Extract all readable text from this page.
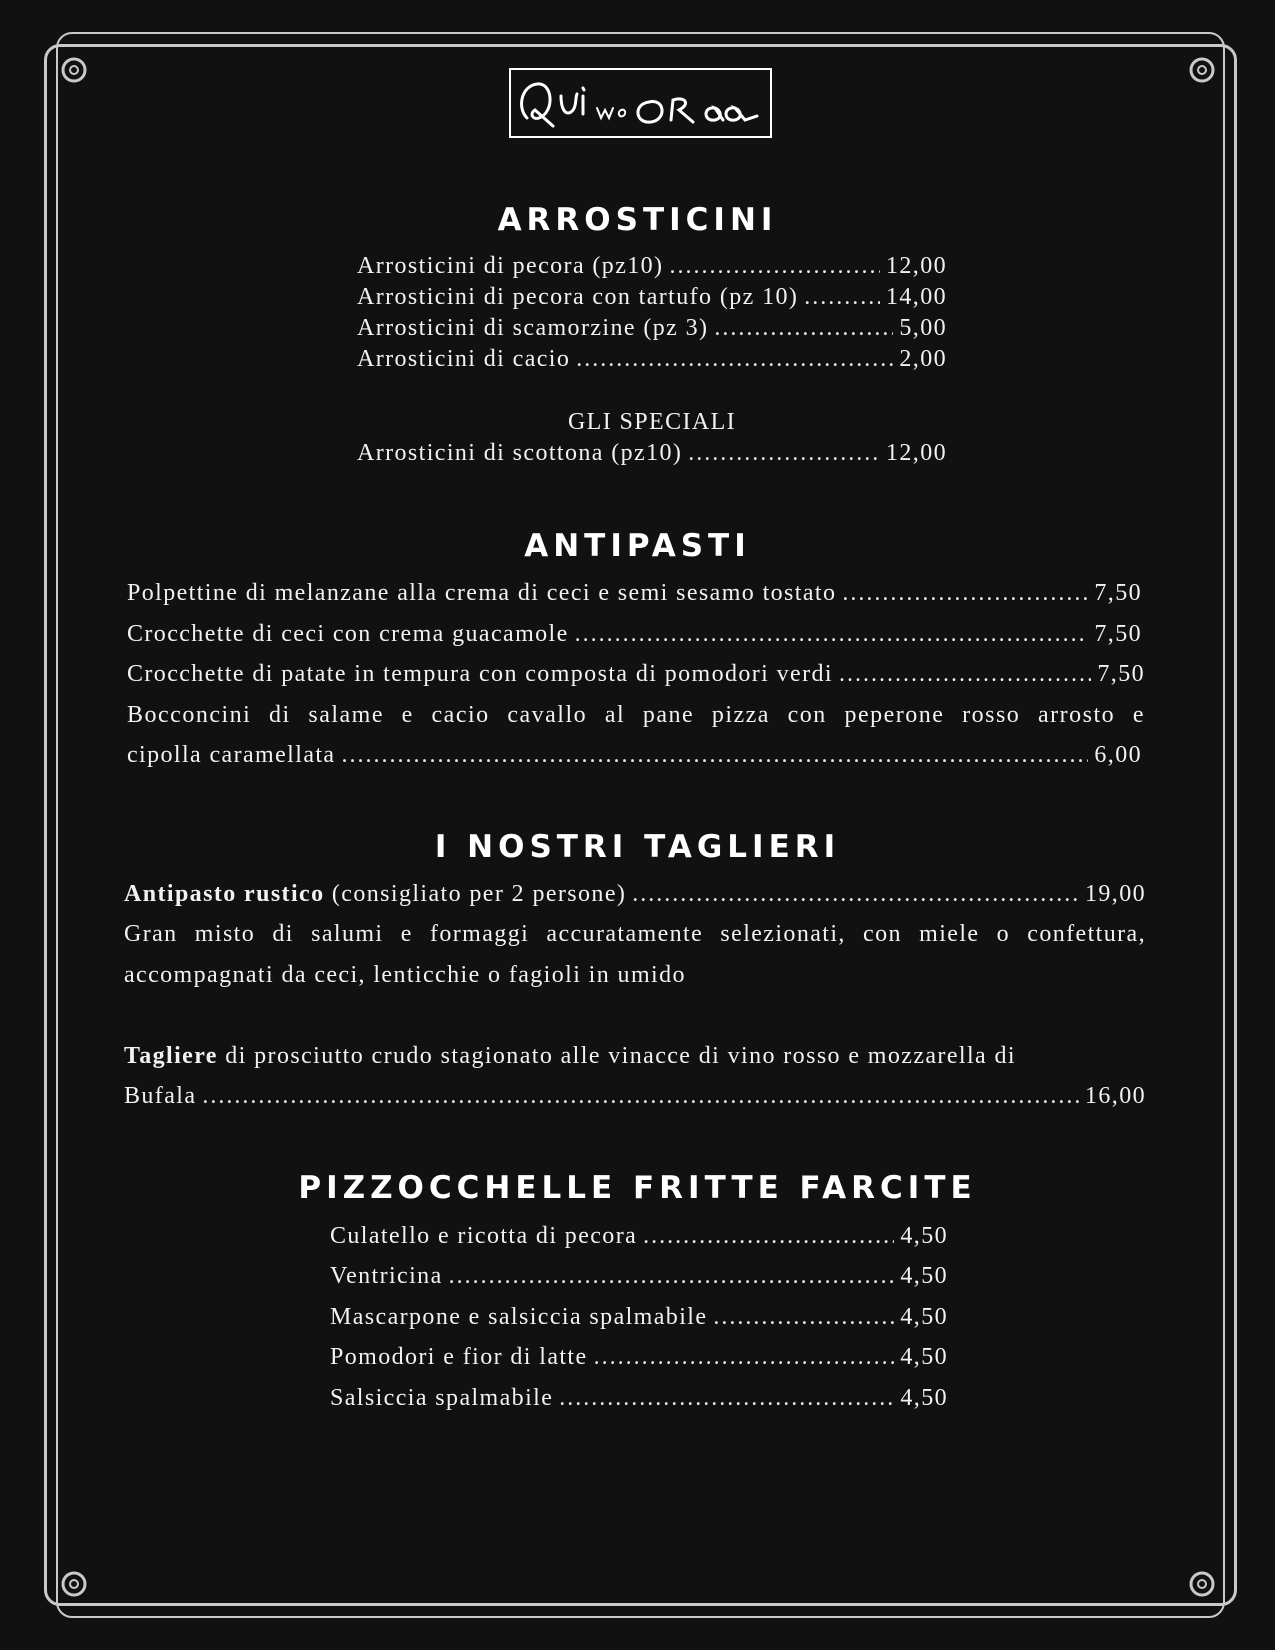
ARROSTICINI
Arrosticini di pecora (pz10) .....	12,00
Arrosticini di pecora con tartufo (pz 10) .....	14,00
Arrosticini di scamorzine (pz 3) .....	5,00
Arrosticini di cacio .....	2,00
GLI SPECIALI
Arrosticini di scottona (pz10) .....	12,00
ANTIPASTI
Polpettine di melanzane alla crema di ceci e semi sesamo tostato .....	7,50
Crocchette di ceci con crema guacamole .....	7,50
Crocchette di patate in tempura con composta di pomodori verdi .....	7,50
Bocconcini di salame e cacio cavallo al pane pizza con peperone rosso arrosto e
cipolla caramellata .....	6,00
I NOSTRI TAGLIERI
Antipasto rustico (consigliato per 2 persone) .....	19,00
Gran misto di salumi e formaggi accuratamente selezionati, con miele o confettura,
accompagnati da ceci, lenticchie o fagioli in umido
Tagliere di prosciutto crudo stagionato alle vinacce di vino rosso e mozzarella di
Bufala .....	16,00
PIZZOCCHELLE FRITTE FARCITE
Culatello e ricotta di pecora .....	4,50
Ventricina .....	4,50
Mascarpone e salsiccia spalmabile .....	4,50
Pomodori e fior di latte .....	4,50
Salsiccia spalmabile .....	4,50
